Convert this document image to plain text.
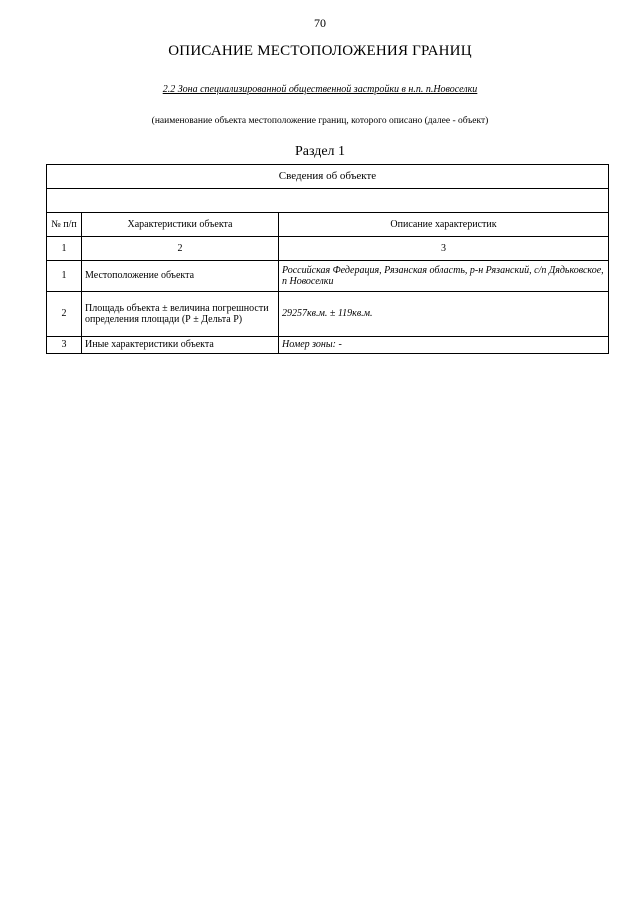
70
ОПИСАНИЕ МЕСТОПОЛОЖЕНИЯ ГРАНИЦ
2.2 Зона специализированной общественной застройки в н.п. п.Новоселки
(наименование объекта местоположение границ, которого описано (далее - объект)
Раздел 1
Сведения об объекте		

№ п/п	Характеристики объекта	Описание характеристик
1	2	3
1	Местоположение объекта	Российская Федерация, Рязанская область, р-н Рязанский, с/п Дядьковское, п Новоселки
2	Площадь объекта ± величина погрешности определения площади (Р ± Дельта Р)	29257кв.м. ± 119кв.м.
3	Иные характеристики объекта	Номер зоны: -
